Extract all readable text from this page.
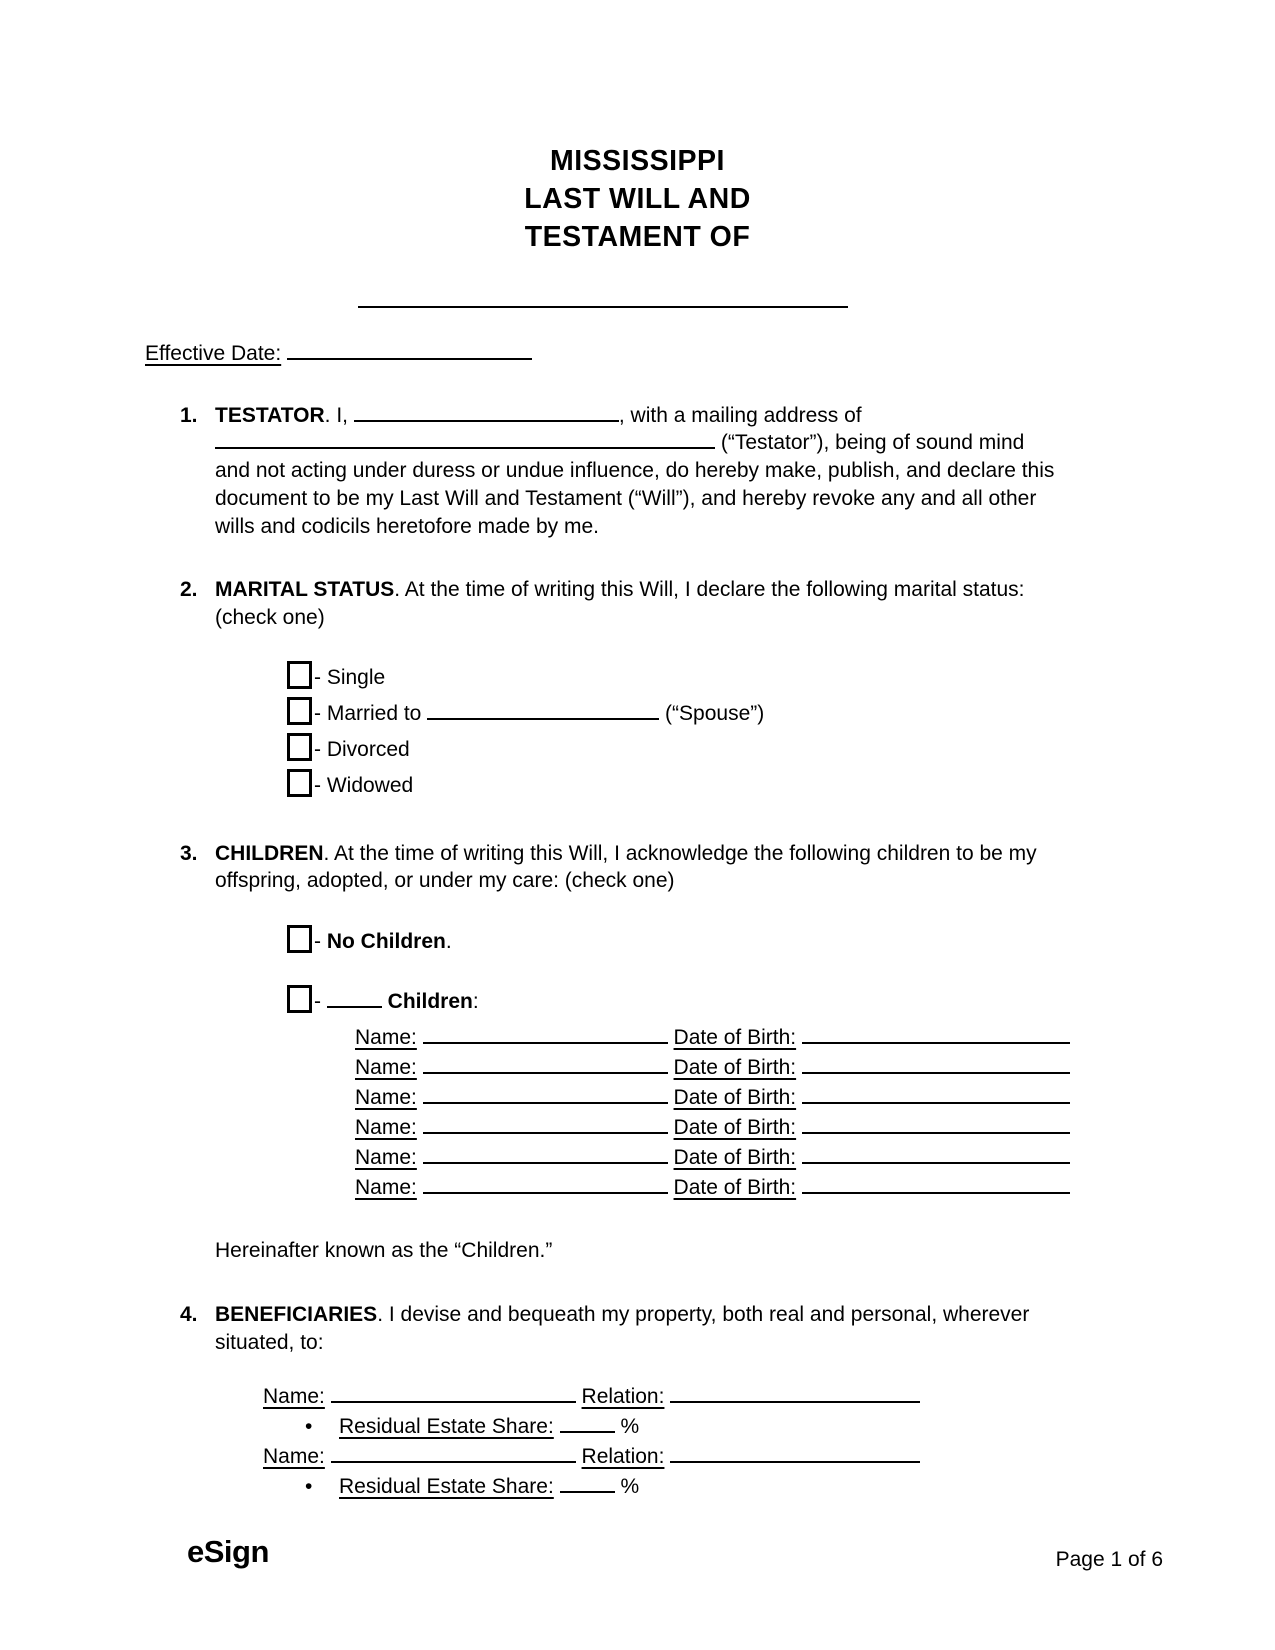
MISSISSIPPI
LAST WILL AND
TESTAMENT OF
Effective Date:
1. TESTATOR. I,	, with a mailing address of  (“Testator”), being of sound mind and not acting under duress or undue influence, do hereby make, publish, and declare this document to be my Last Will and Testament (“Will”), and hereby revoke any and all other wills and codicils heretofore made by me.
2. MARITAL STATUS. At the time of writing this Will, I declare the following marital status: (check one)
- Single
- Married to	(“Spouse”)
- Divorced
- Widowed
3. CHILDREN. At the time of writing this Will, I acknowledge the following children to be my offspring, adopted, or under my care: (check one)
- No Children.
-	Children:
Name:	Date of Birth:
Name:	Date of Birth:
Name:	Date of Birth:
Name:	Date of Birth:
Name:	Date of Birth:
Name:	Date of Birth:
Hereinafter known as the “Children.”
4. BENEFICIARIES. I devise and bequeath my property, both real and personal, wherever situated, to:
Name:	Relation:
• Residual Estate Share:	%
Name:	Relation:
• Residual Estate Share:	%
eSign	Page 1 of 6
